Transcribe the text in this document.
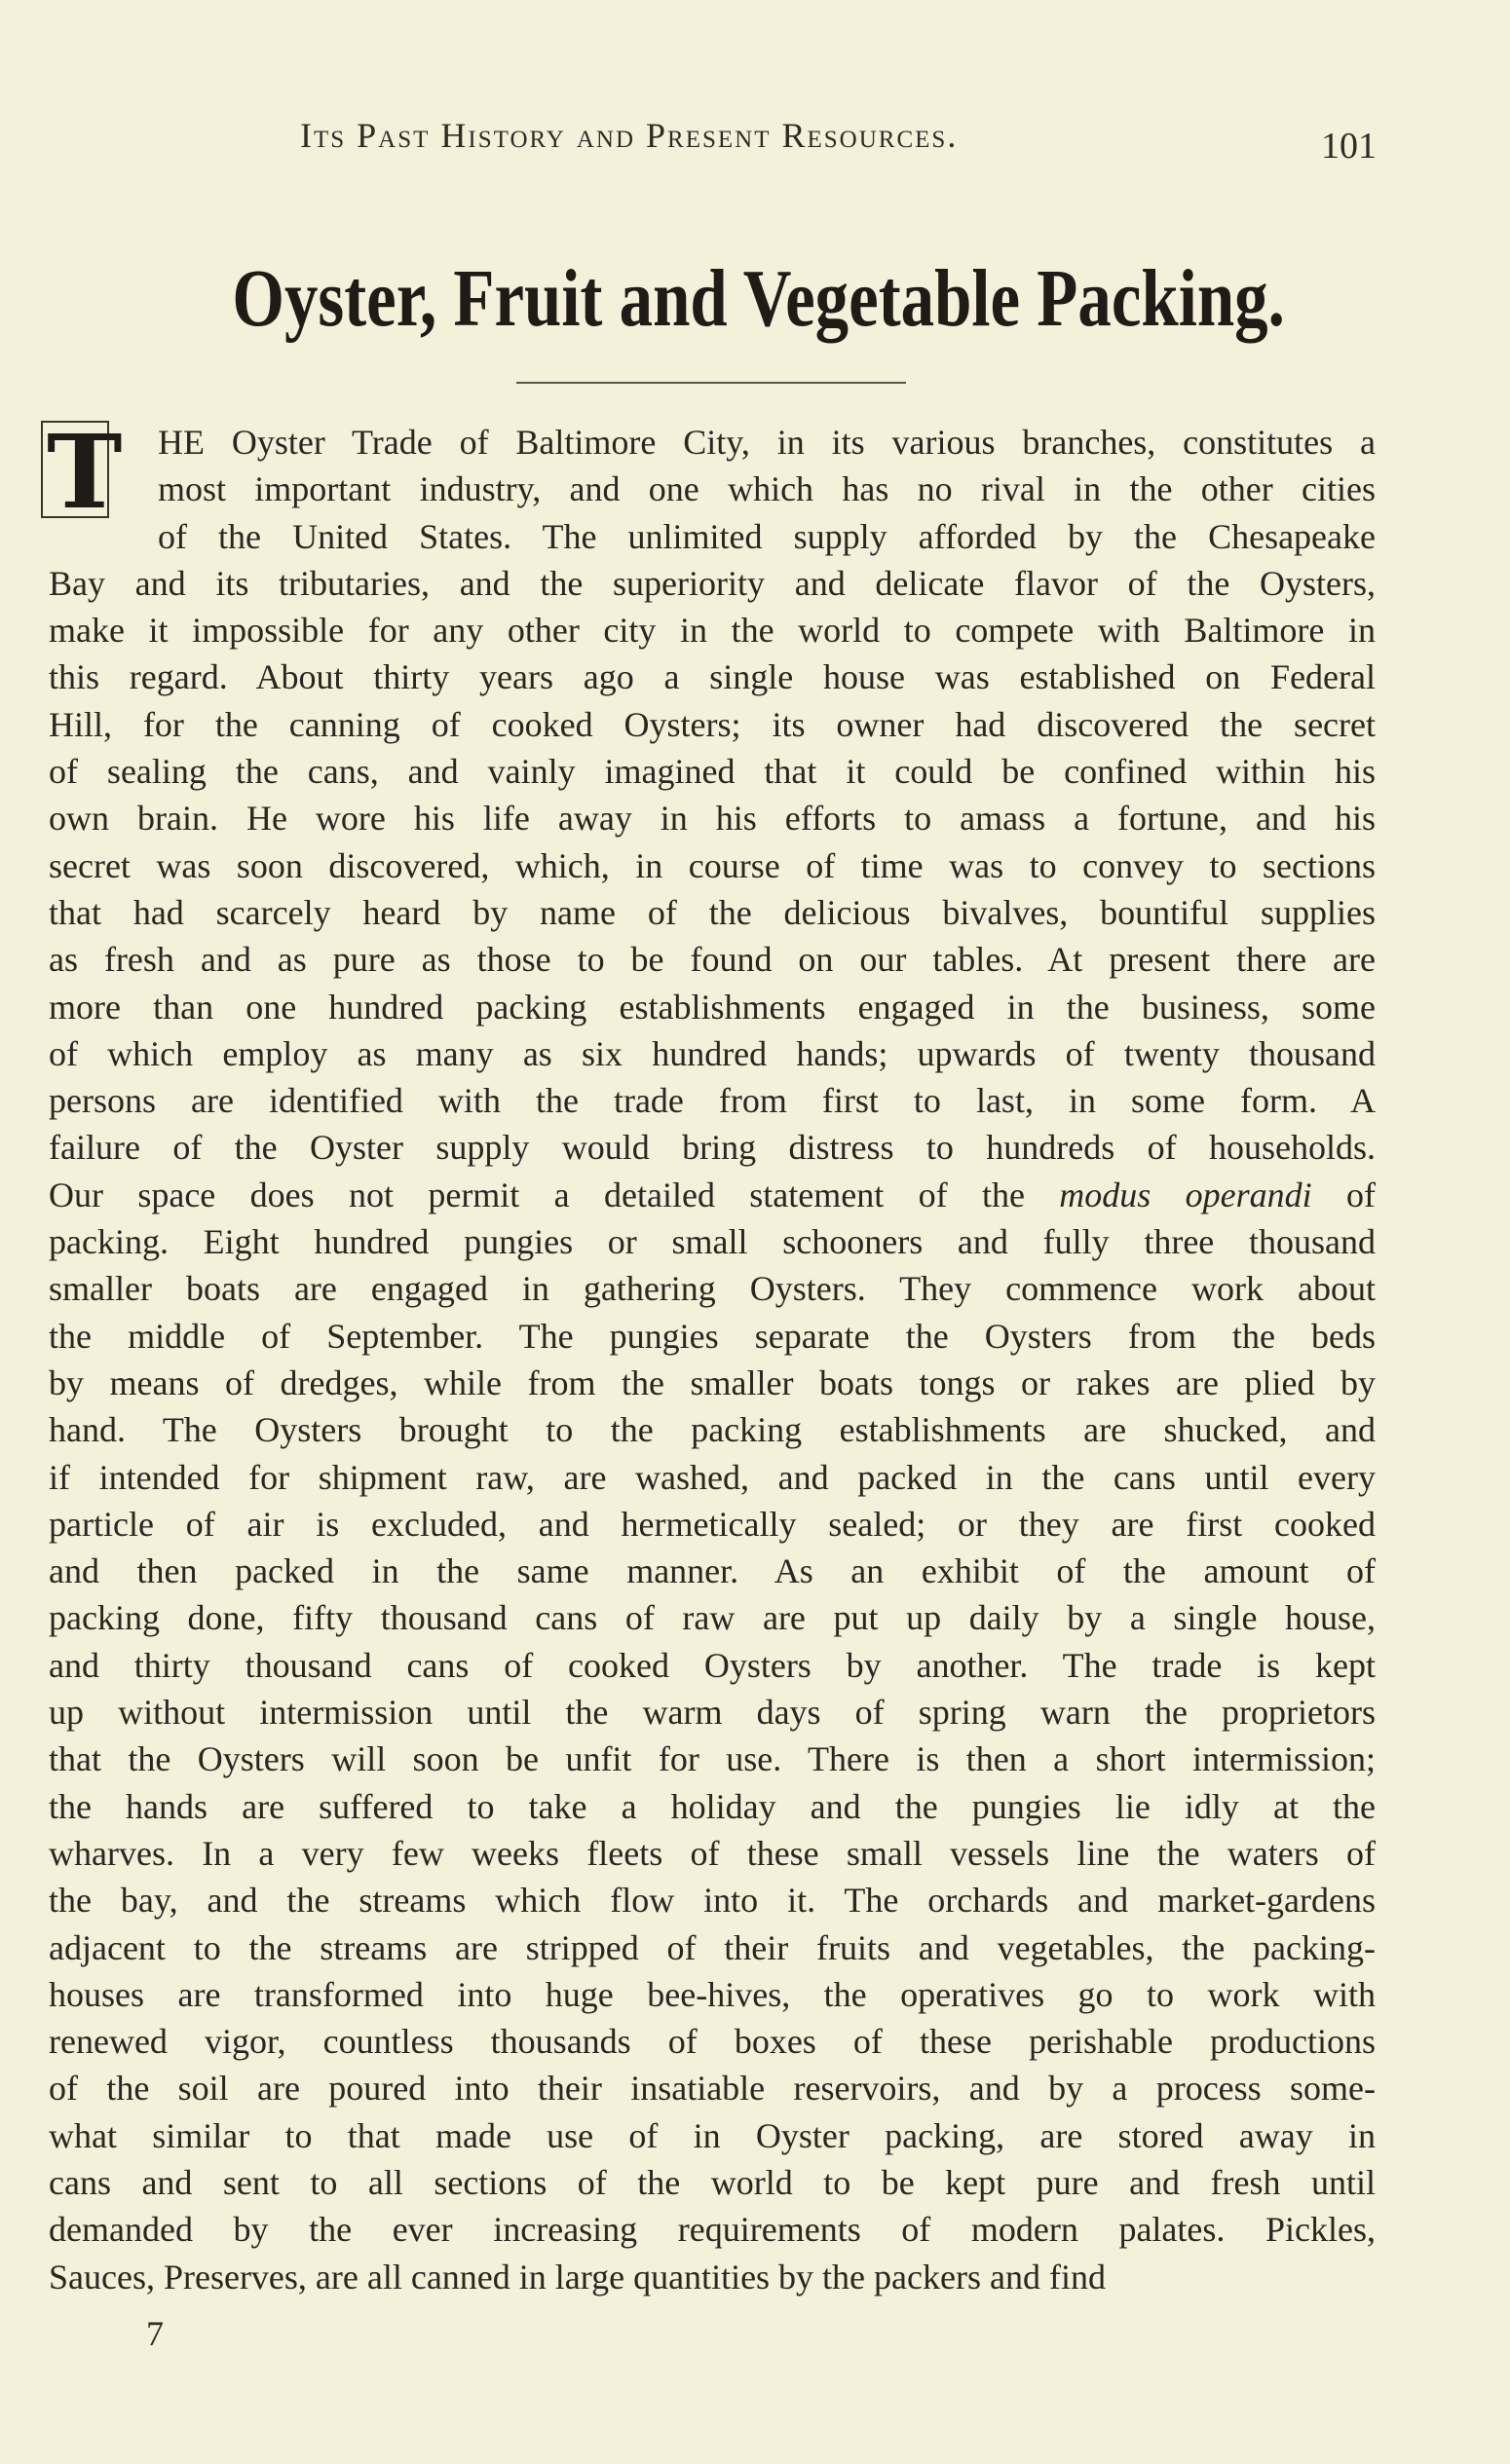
Its Past History and Present Resources.	101
Oyster, Fruit and Vegetable Packing.
T	HE Oyster Trade of Baltimore City, in its various branches, constitutes a
most important industry, and one which has no rival in the other cities
of the United States. The unlimited supply afforded by the Chesapeake
Bay and its tributaries, and the superiority and delicate flavor of the Oysters,
make it impossible for any other city in the world to compete with Baltimore in
this regard. About thirty years ago a single house was established on Federal
Hill, for the canning of cooked Oysters; its owner had discovered the secret
of sealing the cans, and vainly imagined that it could be confined within his
own brain. He wore his life away in his efforts to amass a fortune, and his
secret was soon discovered, which, in course of time was to convey to sections
that had scarcely heard by name of the delicious bivalves, bountiful supplies
as fresh and as pure as those to be found on our tables. At present there are
more than one hundred packing establishments engaged in the business, some
of which employ as many as six hundred hands; upwards of twenty thousand
persons are identified with the trade from first to last, in some form. A
failure of the Oyster supply would bring distress to hundreds of households.
Our space does not permit a detailed statement of the modus operandi of
packing. Eight hundred pungies or small schooners and fully three thousand
smaller boats are engaged in gathering Oysters. They commence work about
the middle of September. The pungies separate the Oysters from the beds
by means of dredges, while from the smaller boats tongs or rakes are plied by
hand. The Oysters brought to the packing establishments are shucked, and
if intended for shipment raw, are washed, and packed in the cans until every
particle of air is excluded, and hermetically sealed; or they are first cooked
and then packed in the same manner. As an exhibit of the amount of
packing done, fifty thousand cans of raw are put up daily by a single house,
and thirty thousand cans of cooked Oysters by another. The trade is kept
up without intermission until the warm days of spring warn the proprietors
that the Oysters will soon be unfit for use. There is then a short intermission;
the hands are suffered to take a holiday and the pungies lie idly at the
wharves. In a very few weeks fleets of these small vessels line the waters of
the bay, and the streams which flow into it. The orchards and market-gardens
adjacent to the streams are stripped of their fruits and vegetables, the packing-
houses are transformed into huge bee-hives, the operatives go to work with
renewed vigor, countless thousands of boxes of these perishable productions
of the soil are poured into their insatiable reservoirs, and by a process some-
what similar to that made use of in Oyster packing, are stored away in
cans and sent to all sections of the world to be kept pure and fresh until
demanded by the ever increasing requirements of modern palates. Pickles,
Sauces, Preserves, are all canned in large quantities by the packers and find
7
